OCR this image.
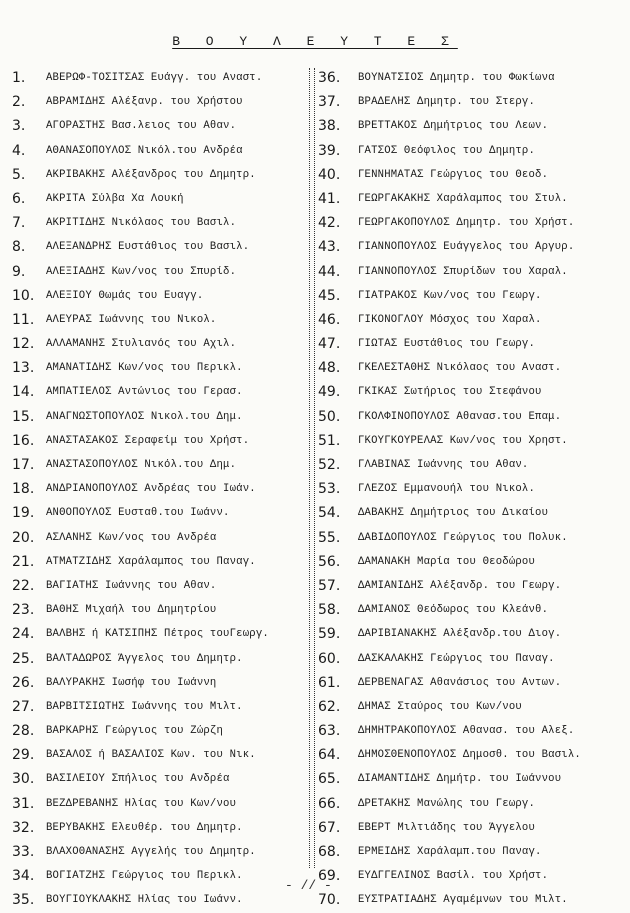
Β Ο Υ Λ Ε Υ Τ Ε Σ
1.	ΑΒΕΡΩΦ-ΤΟΣΙΤΣΑΣ Ευάγγ. του Αναστ.
2.	ΑΒΡΑΜΙΔΗΣ Αλέξανρ. του Χρήστου
3.	ΑΓΟΡΑΣΤΗΣ Βασ.λειος του Αθαν.
4.	ΑΘΑΝΑΣΟΠΟΥΛΟΣ Νικόλ.του Ανδρέα
5.	ΑΚΡΙΒΑΚΗΣ Αλέξανδρος του Δημητρ.
6.	ΑΚΡΙΤΑ Σύλβα Χα Λουκή
7.	ΑΚΡΙΤΙΔΗΣ Νικόλαος του Βασιλ.
8.	ΑΛΕΞΑΝΔΡΗΣ Ευστάθιος του Βασιλ.
9.	ΑΛΕΞΙΑΔΗΣ Κων/νος του Σπυρίδ.
10.	ΑΛΕΞΙΟΥ Θωμάς του Ευαγγ.
11.	ΑΛΕΥΡΑΣ Ιωάννης του Νικολ.
12.	ΑΛΛΑΜΑΝΗΣ Στυλιανός του Αχιλ.
13.	ΑΜΑΝΑΤΙΔΗΣ Κων/νος του Περικλ.
14.	ΑΜΠΑΤΙΕΛΟΣ Αντώνιος του Γερασ.
15.	ΑΝΑΓΝΩΣΤΟΠΟΥΛΟΣ Νικολ.του Δημ.
16.	ΑΝΑΣΤΑΣΑΚΟΣ Σεραφείμ του Χρήστ.
17.	ΑΝΑΣΤΑΣΟΠΟΥΛΟΣ Νικόλ.του Δημ.
18.	ΑΝΔΡΙΑΝΟΠΟΥΛΟΣ Ανδρέας του Ιωάν.
19.	ΑΝΘΟΠΟΥΛΟΣ Ευσταθ.του Ιωάνν.
20.	ΑΣΛΑΝΗΣ Κων/νος του Ανδρέα
21.	ΑΤΜΑΤΖΙΔΗΣ Χαράλαμπος του Παναγ.
22.	ΒΑΓΙΑΤΗΣ Ιωάννης του Αθαν.
23.	ΒΑΘΗΣ Μιχαήλ του Δημητρίου
24.	ΒΑΛΒΗΣ ή ΚΑΤΣΙΠΗΣ Πέτρος τουΓεωργ.
25.	ΒΑΛΤΑΔΩΡΟΣ Άγγελος του Δημητρ.
26.	ΒΑΛΥΡΑΚΗΣ Ιωσήφ του Ιωάννη
27.	ΒΑΡΒΙΤΣΙΩΤΗΣ Ιωάννης του Μιλτ.
28.	ΒΑΡΚΑΡΗΣ Γεώργιος του Ζώρζη
29.	ΒΑΣΑΛΟΣ ή ΒΑΣΑΛΙΟΣ Κων. του Νικ.
30.	ΒΑΣΙΛΕΙΟΥ Σπήλιος του Ανδρέα
31.	ΒΕΖΔΡΕΒΑΝΗΣ Ηλίας του Κων/νου
32.	ΒΕΡΥΒΑΚΗΣ Ελευθέρ. του Δημητρ.
33.	ΒΛΑΧΟΘΑΝΑΣΗΣ Αγγελής του Δημητρ.
34.	ΒΟΓΙΑΤΖΗΣ Γεώργιος του Περικλ.
35.	ΒΟΥΓΙΟΥΚΛΑΚΗΣ Ηλίας του Ιωάνν.
36.	ΒΟΥΝΑΤΣΙΟΣ Δημητρ. του Φωκίωνα
37.	ΒΡΑΔΕΛΗΣ Δημητρ. του Στεργ.
38.	ΒΡΕΤΤΑΚΟΣ Δημήτριος του Λεων.
39.	ΓΑΤΣΟΣ Θεόφιλος του Δημητρ.
40.	ΓΕΝΝΗΜΑΤΑΣ Γεώργιος του Θεοδ.
41.	ΓΕΩΡΓΑΚΑΚΗΣ Χαράλαμπος του Στυλ.
42.	ΓΕΩΡΓΑΚΟΠΟΥΛΟΣ Δημητρ. του Χρήστ.
43.	ΓΙΑΝΝΟΠΟΥΛΟΣ Ευάγγελος του Αργυρ.
44.	ΓΙΑΝΝΟΠΟΥΛΟΣ Σπυρίδων του Χαραλ.
45.	ΓΙΑΤΡΑΚΟΣ Κων/νος του Γεωργ.
46.	ΓΙΚΟΝΟΓΛΟΥ Μόσχος του Χαραλ.
47.	ΓΙΩΤΑΣ Ευστάθιος του Γεωργ.
48.	ΓΚΕΛΕΣΤΑΘΗΣ Νικόλαος του Αναστ.
49.	ΓΚΙΚΑΣ Σωτήριος του Στεφάνου
50.	ΓΚΟΛΦΙΝΟΠΟΥΛΟΣ Αθανασ.του Επαμ.
51.	ΓΚΟΥΓΚΟΥΡΕΛΑΣ Κων/νος του Χρηστ.
52.	ΓΛΑΒΙΝΑΣ Ιωάννης του Αθαν.
53.	ΓΛΕΖΟΣ Εμμανουήλ του Νικολ.
54.	ΔΑΒΑΚΗΣ Δημήτριος του Δικαίου
55.	ΔΑΒΙΔΟΠΟΥΛΟΣ Γεώργιος του Πολυκ.
56.	ΔΑΜΑΝΑΚΗ Μαρία του Θεοδώρου
57.	ΔΑΜΙΑΝΙΔΗΣ Αλέξανδρ. του Γεωργ.
58.	ΔΑΜΙΑΝΟΣ Θεόδωρος του Κλεάνθ.
59.	ΔΑΡΙΒΙΑΝΑΚΗΣ Αλέξανδρ.του Διογ.
60.	ΔΑΣΚΑΛΑΚΗΣ Γεώργιος του Παναγ.
61.	ΔΕΡΒΕΝΑΓΑΣ Αθανάσιος του Αντων.
62.	ΔΗΜΑΣ Σταύρος του Κων/νου
63.	ΔΗΜΗΤΡΑΚΟΠΟΥΛΟΣ Αθανασ. του Αλεξ.
64.	ΔΗΜΟΣΘΕΝΟΠΟΥΛΟΣ Δημοσθ. του Βασιλ.
65.	ΔΙΑΜΑΝΤΙΔΗΣ Δημήτρ. του Ιωάννου
66.	ΔΡΕΤΑΚΗΣ Μανώλης του Γεωργ.
67.	ΕΒΕΡΤ Μιλτιάδης του Άγγελου
68.	ΕΡΜΕΙΔΗΣ Χαράλαμπ.του Παναγ.
69.	ΕΥΔΓΓΕΛΙΝΟΣ Βασίλ. του Χρήστ.
70.	ΕΥΣΤΡΑΤΙΑΔΗΣ Αγαμέμνων του Μιλτ.
- // -
